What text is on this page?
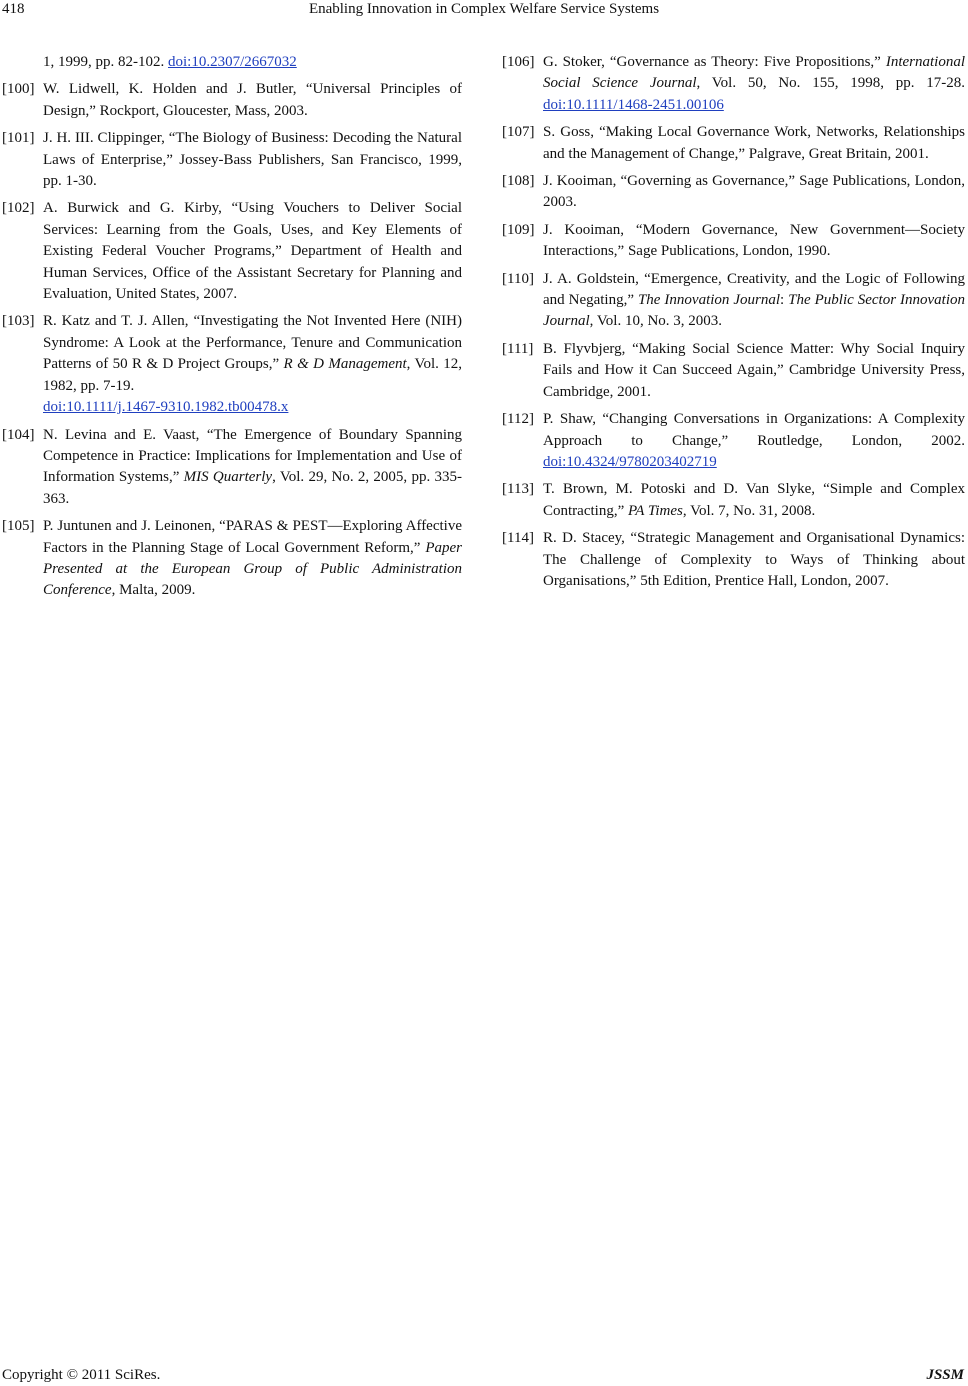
418	Enabling Innovation in Complex Welfare Service Systems
1, 1999, pp. 82-102. doi:10.2307/2667032
[100] W. Lidwell, K. Holden and J. Butler, “Universal Principles of Design,” Rockport, Gloucester, Mass, 2003.
[101] J. H. III. Clippinger, “The Biology of Business: Decoding the Natural Laws of Enterprise,” Jossey-Bass Publishers, San Francisco, 1999, pp. 1-30.
[102] A. Burwick and G. Kirby, “Using Vouchers to Deliver Social Services: Learning from the Goals, Uses, and Key Elements of Existing Federal Voucher Programs,” Department of Health and Human Services, Office of the Assistant Secretary for Planning and Evaluation, United States, 2007.
[103] R. Katz and T. J. Allen, “Investigating the Not Invented Here (NIH) Syndrome: A Look at the Performance, Tenure and Communication Patterns of 50 R & D Project Groups,” R & D Management, Vol. 12, 1982, pp. 7-19.
doi:10.1111/j.1467-9310.1982.tb00478.x
[104] N. Levina and E. Vaast, “The Emergence of Boundary Spanning Competence in Practice: Implications for Implementation and Use of Information Systems,” MIS Quarterly, Vol. 29, No. 2, 2005, pp. 335-363.
[105] P. Juntunen and J. Leinonen, “PARAS & PEST—Exploring Affective Factors in the Planning Stage of Local Government Reform,” Paper Presented at the European Group of Public Administration Conference, Malta, 2009.
[106] G. Stoker, “Governance as Theory: Five Propositions,” International Social Science Journal, Vol. 50, No. 155, 1998, pp. 17-28. doi:10.1111/1468-2451.00106
[107] S. Goss, “Making Local Governance Work, Networks, Relationships and the Management of Change,” Palgrave, Great Britain, 2001.
[108] J. Kooiman, “Governing as Governance,” Sage Publications, London, 2003.
[109] J. Kooiman, “Modern Governance, New Government—Society Interactions,” Sage Publications, London, 1990.
[110] J. A. Goldstein, “Emergence, Creativity, and the Logic of Following and Negating,” The Innovation Journal: The Public Sector Innovation Journal, Vol. 10, No. 3, 2003.
[111] B. Flyvbjerg, “Making Social Science Matter: Why Social Inquiry Fails and How it Can Succeed Again,” Cambridge University Press, Cambridge, 2001.
[112] P. Shaw, “Changing Conversations in Organizations: A Complexity Approach to Change,” Routledge, London, 2002. doi:10.4324/9780203402719
[113] T. Brown, M. Potoski and D. Van Slyke, “Simple and Complex Contracting,” PA Times, Vol. 7, No. 31, 2008.
[114] R. D. Stacey, “Strategic Management and Organisational Dynamics: The Challenge of Complexity to Ways of Thinking about Organisations,” 5th Edition, Prentice Hall, London, 2007.
Copyright © 2011 SciRes.	JSSM
